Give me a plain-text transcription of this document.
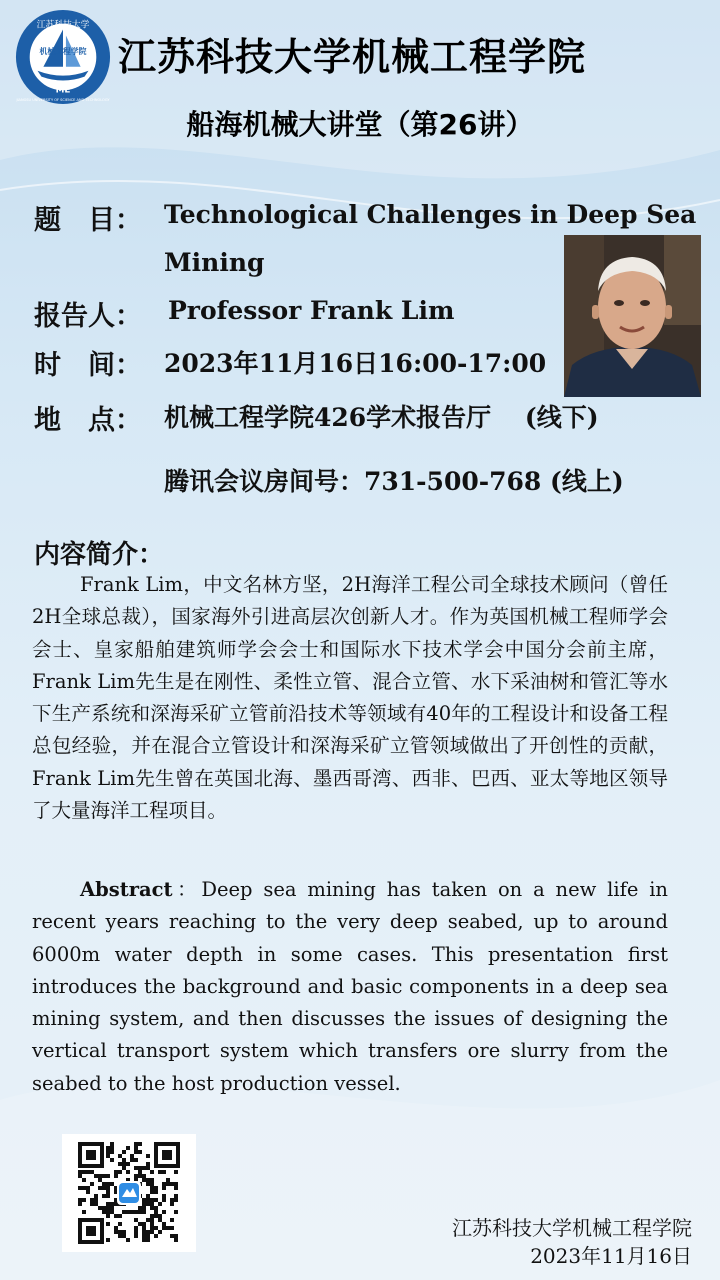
江苏科技大学
机械工程学院
ME
JIANGSU UNIVERSITY OF SCIENCE AND TECHNOLOGY
江苏科技大学机械工程学院
船海机械大讲堂（第26讲）
题　目： Technological Challenges in Deep Sea
Mining
报告人： Professor Frank Lim
时　间： 2023年11月16日16:00-17:00
地　点： 机械工程学院426学术报告厅　 (线下)
腾讯会议房间号：731-500-768 (线上)
内容简介：
Frank Lim，中文名林方坚，2H海洋工程公司全球技术顾问（曾任2H全球总裁），国家海外引进高层次创新人才。作为英国机械工程师学会会士、皇家船舶建筑师学会会士和国际水下技术学会中国分会前主席，Frank Lim先生是在刚性、柔性立管、混合立管、水下采油树和管汇等水下生产系统和深海采矿立管前沿技术等领域有40年的工程设计和设备工程总包经验，并在混合立管设计和深海采矿立管领域做出了开创性的贡献，Frank Lim先生曾在英国北海、墨西哥湾、西非、巴西、亚太等地区领导了大量海洋工程项目。
Abstract：Deep sea mining has taken on a new life in recent years reaching to the very deep seabed, up to around 6000m water depth in some cases. This presentation first introduces the background and basic components in a deep sea mining system, and then discusses the issues of designing the vertical transport system which transfers ore slurry from the seabed to the host production vessel.
江苏科技大学机械工程学院
2023年11月16日
